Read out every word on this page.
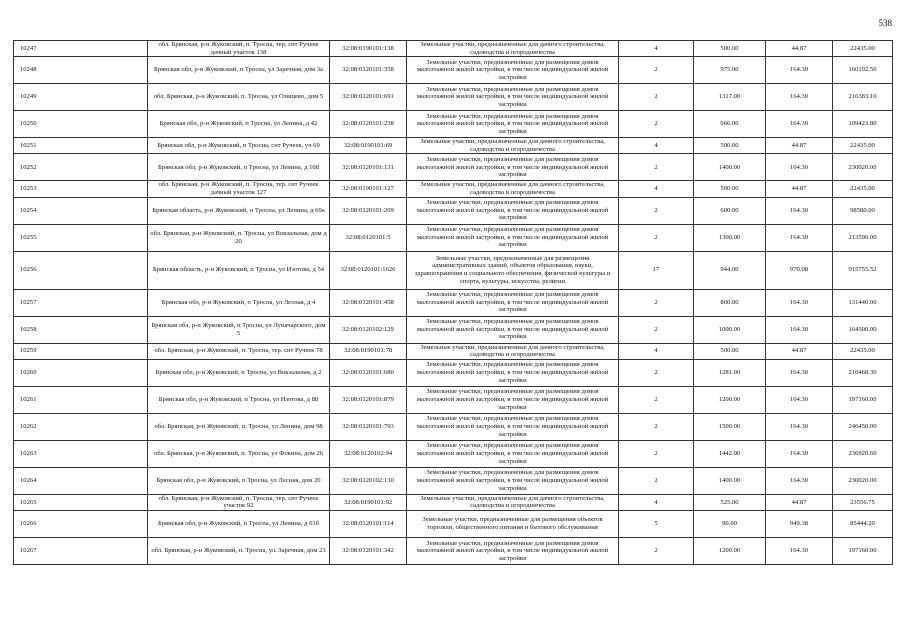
538
10247	обл. Брянская, р-н Жуковский, п. Троснa, тер. снт Ручеек дачный участок 138	32:08:0190101:138	Земельные участки, предназначенные для дачного строительства, садоводства и огородничества	4	500.00	44.87	22435.00
10248	Брянская обл, р-н Жуковский, п Троснa, ул Заречная, дом 3а	32:08:0120101:358	Земельные участки, предназначенные для размещения домов малоэтажной жилой застройки, в том числе индивидуальной жилой застройки	2	975.00	164.30	160192.50
10249	обл. Брянская, р-н Жуковский, п. Троснa, ул Озищево, дом 5	32:08:0120101:691	Земельные участки, предназначенные для размещения домов малоэтажной жилой застройки, в том числе индивидуальной жилой застройки	2	1317.00	164.30	216383.10
10250	Брянская обл, р-н Жуковский, п Троснa, ул Ленина, д 42	32:08:0120101:238	Земельные участки, предназначенные для размещения домов малоэтажной жилой застройки, в том числе индивидуальной жилой застройки	2	666.00	164.30	109423.80
10251	Брянская обл, р-н Жуковский, п Троснa, снт Ручеек, уч 69	32:08:0190101:69	Земельные участки, предназначенные для дачного строительства, садоводства и огородничества	4	500.00	44.87	22435.00
10252	Брянская обл, р-н Жуковский, п Троснa, ул Ленина, д 108	32:08:0120101:131	Земельные участки, предназначенные для размещения домов малоэтажной жилой застройки, в том числе индивидуальной жилой застройки	2	1400.00	164.30	230020.00
10253	обл. Брянская, р-н Жуковский, п. Троснa, тер. снт Ручеек дачный участок 127	32:08:0190101:127	Земельные участки, предназначенные для дачного строительства, садоводства и огородничества	4	500.00	44.87	22435.00
10254	Брянская область, р-н Жуковский, п Троснa, ул Ленина, д 69а	32:08:0120101:209	Земельные участки, предназначенные для размещения домов малоэтажной жилой застройки, в том числе индивидуальной жилой застройки	2	600.00	164.30	98580.00
10255	обл. Брянская, р-н Жуковский, п. Троснa, ул Вокзальная, дом д 20	32:08:0120101:5	Земельные участки, предназначенные для размещения домов малоэтажной жилой застройки, в том числе индивидуальной жилой застройки	2	1300.00	164.30	213590.00
10256	Брянская область, р-н Жуковский, п Троснa, ул Изотова, д 54	32:08:0120101:1626	Земельные участки, предназначенные для размещения административных зданий, объектов образования, науки, здравоохранения и социального обеспечения, физической культуры и спорта, культуры, искусства, религии	17	944.00	970.08	915755.52
10257	Брянская обл, р-н Жуковский, п Троснa, ул Лесная, д 4	32:08:0120101:458	Земельные участки, предназначенные для размещения домов малоэтажной жилой застройки, в том числе индивидуальной жилой застройки	2	800.00	164.30	131440.00
10258	Брянская обл, р-н Жуковский, п Троснa, ул Луначарского, дом 5	32:08:0120102:129	Земельные участки, предназначенные для размещения домов малоэтажной жилой застройки, в том числе индивидуальной жилой застройки	2	1000.00	164.30	164300.00
10259	обл. Брянская, р-н Жуковский, п. Троснa, тер. снт Ручеек 78	32:08:0190101:78	Земельные участки, предназначенные для дачного строительства, садоводства и огородничества	4	500.00	44.87	22435.00
10260	Брянская обл, р-н Жуковский, п Троснa, ул Вокзальная, д 2	32:08:0120101:680	Земельные участки, предназначенные для размещения домов малоэтажной жилой застройки, в том числе индивидуальной жилой застройки	2	1281.00	164.30	210468.30
10261	Брянская обл, р-н Жуковский, п Троснa, ул Изотова, д 88	32:08:0120101:879	Земельные участки, предназначенные для размещения домов малоэтажной жилой застройки, в том числе индивидуальной жилой застройки	2	1200.00	164.30	197160.00
10262	обл. Брянская, р-н Жуковский, п. Троснa, ул Ленина, дом 98	32:08:0120101:793	Земельные участки, предназначенные для размещения домов малоэтажной жилой застройки, в том числе индивидуальной жилой застройки	2	1500.00	164.30	246450.00
10263	обл. Брянская, р-н Жуковский, п. Троснa, ул Фокина, дом 26	32:08:0120102:94	Земельные участки, предназначенные для размещения домов малоэтажной жилой застройки, в том числе индивидуальной жилой застройки	2	1442.00	164.30	236920.60
10264	Брянская обл, р-н Жуковский, п Троснa, ул Лесная, дом 20	32:08:0120102:130	Земельные участки, предназначенные для размещения домов малоэтажной жилой застройки, в том числе индивидуальной жилой застройки	2	1400.00	164.30	230020.00
10265	обл. Брянская, р-н Жуковский, п. Троснa, тер. снт Ручеек участок 92	32:08:0190101:92	Земельные участки, предназначенные для дачного строительства, садоводства и огородничества	4	525.00	44.87	23556.75
10266	Брянская обл, р-н Жуковский, п Троснa, ул Ленина, д 61б	32:08:0120101:114	Земельные участки, предназначенные для размещения объектов торговли, общественного питания и бытового обслуживания	5	90.00	949.38	85444.20
10267	обл. Брянская, р-н Жуковский, п. Троснa, ул. Заречная, дом 23	32:08:0120101:342	Земельные участки, предназначенные для размещения домов малоэтажной жилой застройки, в том числе индивидуальной жилой застройки	2	1200.00	164.30	197160.00
